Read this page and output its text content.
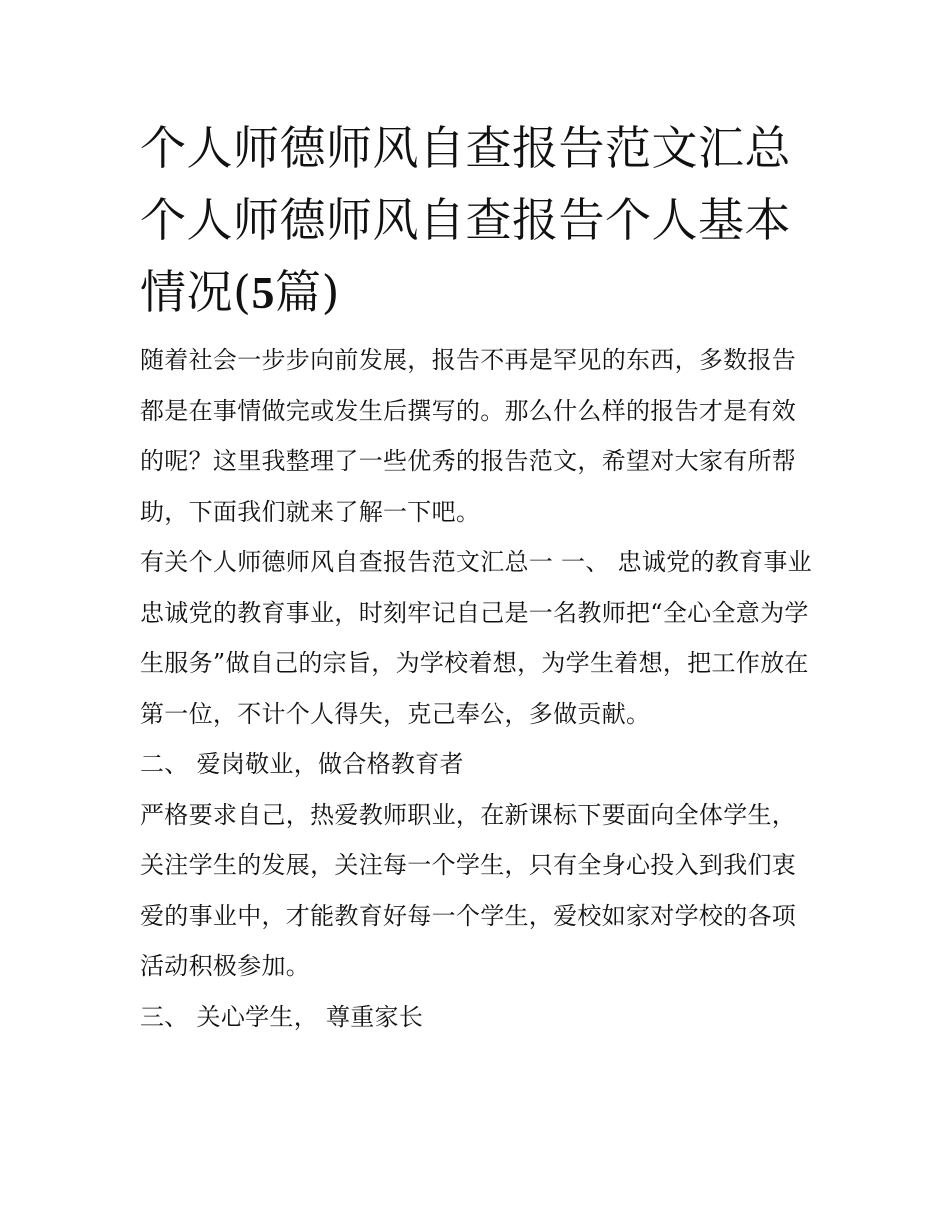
个人师德师风自查报告范文汇总 个人师德师风自查报告个人基本情况(5篇)

随着社会一步步向前发展，报告不再是罕见的东西，多数报告都是在事情做完或发生后撰写的。那么什么样的报告才是有效的呢？这里我整理了一些优秀的报告范文，希望对大家有所帮助，下面我们就来了解一下吧。

有关个人师德师风自查报告范文汇总一 一、 忠诚党的教育事业

忠诚党的教育事业，时刻牢记自己是一名教师把“全心全意为学生服务”做自己的宗旨，为学校着想，为学生着想，把工作放在第一位，不计个人得失，克己奉公，多做贡献。

二、 爱岗敬业，做合格教育者

严格要求自己，热爱教师职业，在新课标下要面向全体学生，关注学生的发展，关注每一个学生，只有全身心投入到我们衷爱的事业中，才能教育好每一个学生，爱校如家对学校的各项活动积极参加。

三、 关心学生， 尊重家长
